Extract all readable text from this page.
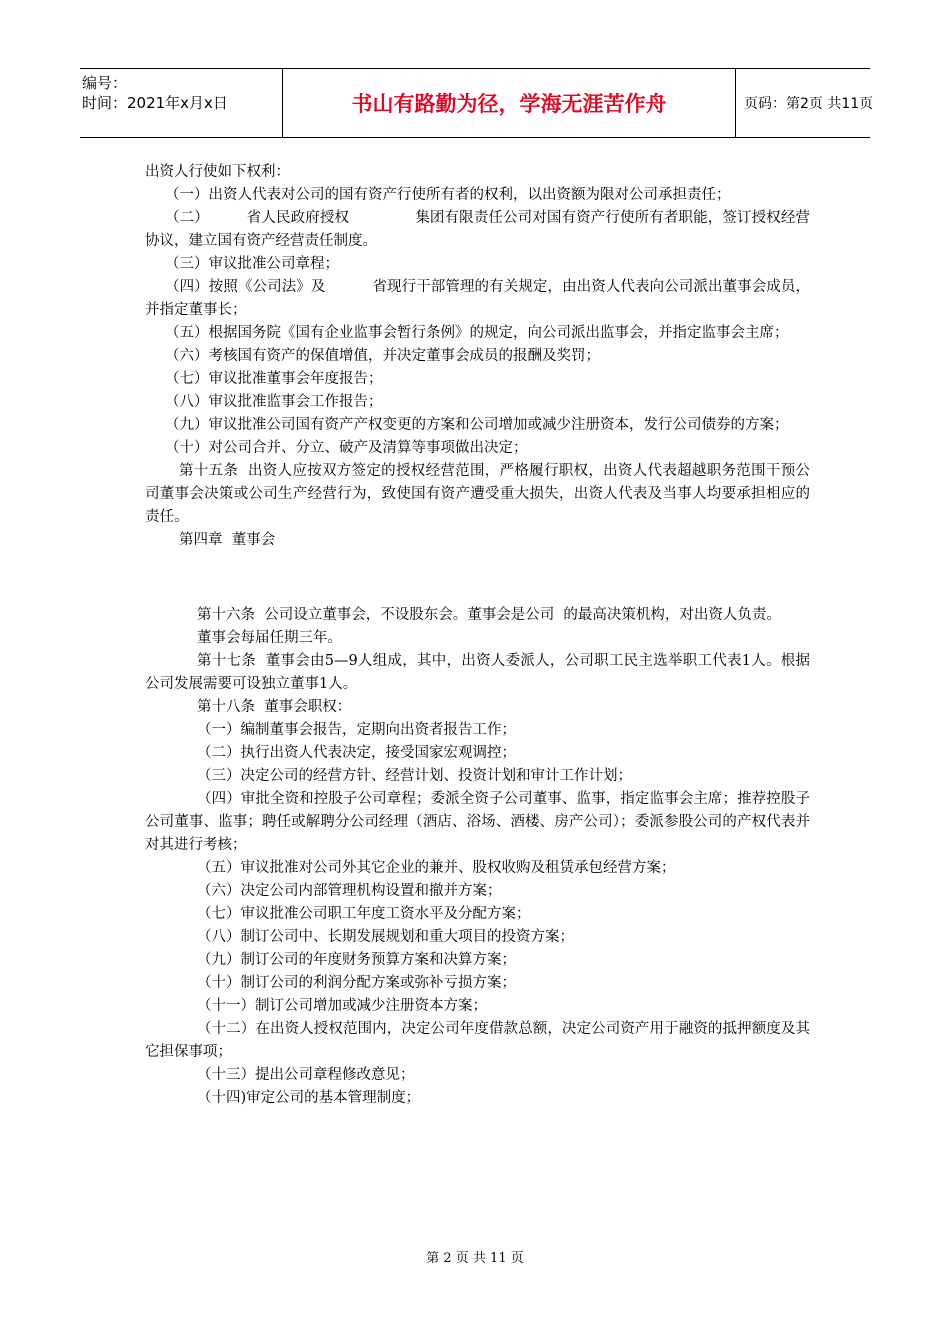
编号：
时间：2021年x月x日	书山有路勤为径，学海无涯苦作舟	页码：第2页 共11页

出资人行使如下权利：

（一）出资人代表对公司的国有资产行使所有者的权利，以出资额为限对公司承担责任；

（二）        省人民政府授权              集团有限责任公司对国有资产行使所有者职能，签订授权经营协议，建立国有资产经营责任制度。

（三）审议批准公司章程；

（四）按照《公司法》及          省现行干部管理的有关规定，由出资人代表向公司派出董事会成员，并指定董事长；

（五）根据国务院《国有企业监事会暂行条例》的规定，向公司派出监事会，并指定监事会主席；

（六）考核国有资产的保值增值，并决定董事会成员的报酬及奖罚；

（七）审议批准董事会年度报告；

（八）审议批准监事会工作报告；

（九）审议批准公司国有资产产权变更的方案和公司增加或减少注册资本，发行公司债券的方案；

（十）对公司合并、分立、破产及清算等事项做出决定；

第十五条  出资人应按双方签定的授权经营范围，严格履行职权，出资人代表超越职务范围干预公司董事会决策或公司生产经营行为，致使国有资产遭受重大损失，出资人代表及当事人均要承担相应的责任。

第四章  董事会

第十六条  公司设立董事会，不设股东会。董事会是公司  的最高决策机构，对出资人负责。

董事会每届任期三年。

第十七条  董事会由5—9人组成，其中，出资人委派人，公司职工民主选举职工代表1人。根据公司发展需要可设独立董事1人。

第十八条  董事会职权：

（一）编制董事会报告，定期向出资者报告工作；

（二）执行出资人代表决定，接受国家宏观调控；

（三）决定公司的经营方针、经营计划、投资计划和审计工作计划；

（四）审批全资和控股子公司章程；委派全资子公司董事、监事，指定监事会主席；推荐控股子公司董事、监事；聘任或解聘分公司经理（酒店、浴场、酒楼、房产公司）；委派参股公司的产权代表并对其进行考核；

（五）审议批准对公司外其它企业的兼并、股权收购及租赁承包经营方案；

（六）决定公司内部管理机构设置和撤并方案；

（七）审议批准公司职工年度工资水平及分配方案；

（八）制订公司中、长期发展规划和重大项目的投资方案；

（九）制订公司的年度财务预算方案和决算方案；

（十）制订公司的利润分配方案或弥补亏损方案；

（十一）制订公司增加或减少注册资本方案；

（十二）在出资人授权范围内，决定公司年度借款总额，决定公司资产用于融资的抵押额度及其它担保事项；

（十三）提出公司章程修改意见；

（十四)审定公司的基本管理制度；

第 2 页 共 11 页
